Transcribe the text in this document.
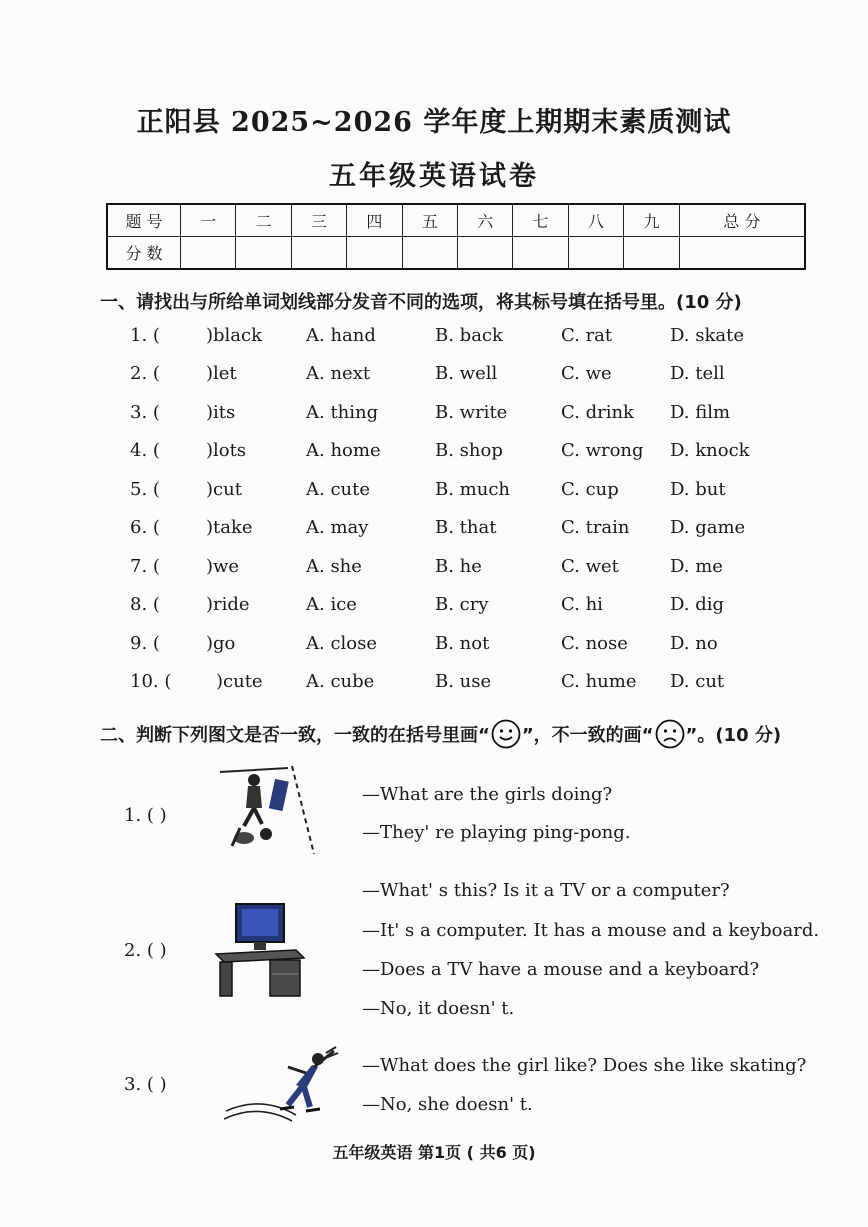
正阳县 2025~2026 学年度上期期末素质测试
五年级英语试卷
题 号	一	二	三	四	五	六	七	八	九	总 分
分 数										
一、请找出与所给单词划线部分发音不同的选项，将其标号填在括号里。(10 分)
1. (	)black A. hand	B. back	C. rat	D. skate
2. (	)let	A. next	B. well	C. we	D. tell
3. (	)its	A. thing	B. write	C. drink D. film
4. (	)lots	A. home	B. shop	C. wrong D. knock
5. (	)cut	A. cute	B. much	C. cup	D. but
6. (	)take	A. may	B. that	C. train D. game
7. (	)we	A. she	B. he	C. wet	D. me
8. (	)ride	A. ice	B. cry	C. hi	D. dig
9. (	)go	A. close	B. not	C. nose D. no
10. ( )cute A. cube	B. use	C. hume D. cut
二、判断下列图文是否一致，一致的在括号里画“ ”，不一致的画“ ”。(10 分)
1. ( )
—What are the girls doing?
—They' re playing ping-pong.
2. ( )
—What' s this? Is it a TV or a computer?
—It' s a computer. It has a mouse and a keyboard.
—Does a TV have a mouse and a keyboard?
—No, it doesn' t.
3. ( )
—What does the girl like? Does she like skating?
—No, she doesn' t.
五年级英语 第1页 ( 共6 页)
